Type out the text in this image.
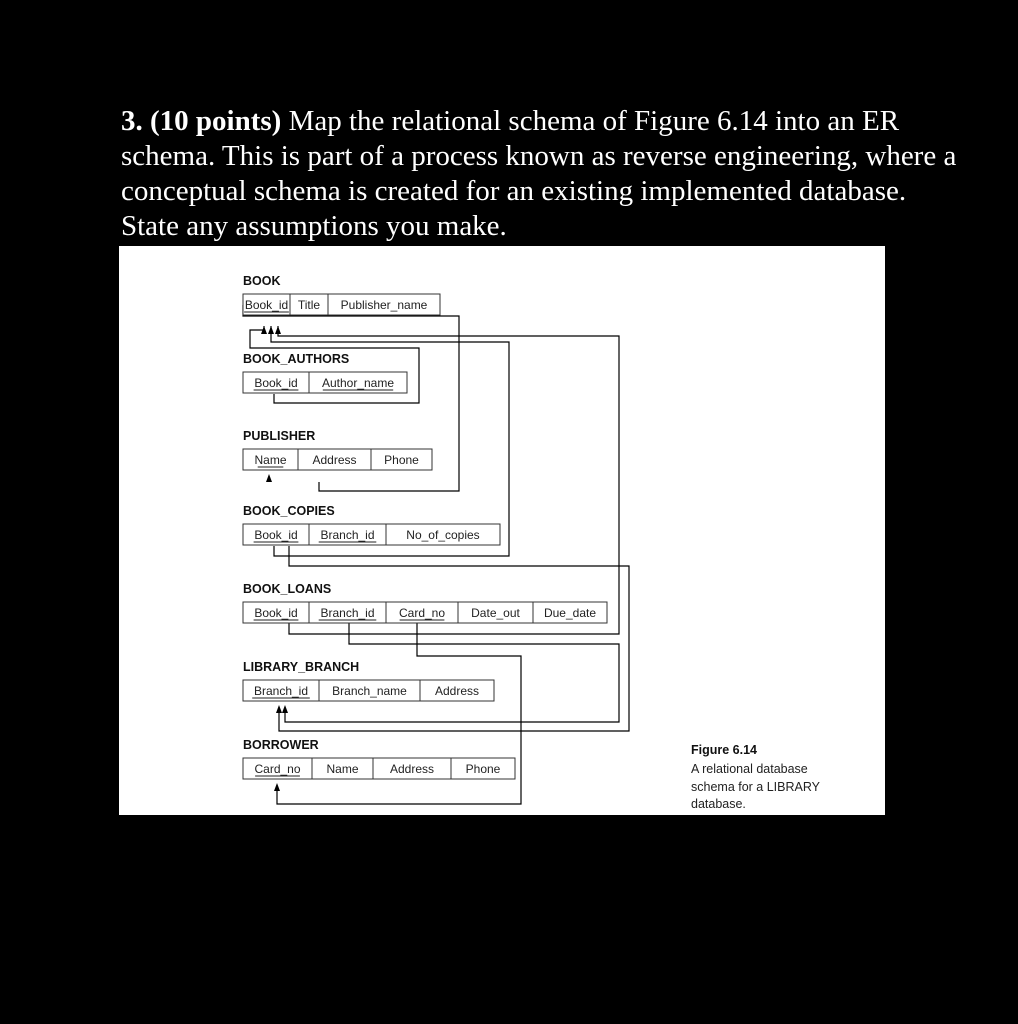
3. (10 points) Map the relational schema of Figure 6.14 into an ER schema. This is part of a process known as reverse engineering, where a conceptual schema is created for an existing implemented database. State any assumptions you make.
BOOK
Book_id Title Publisher_name
BOOK_AUTHORS
Book_id Author_name
PUBLISHER
Name Address Phone
BOOK_COPIES
Book_id Branch_id	No_of_copies
BOOK_LOANS
Book_id Branch_id Card_no Date_out Due_date
LIBRARY_BRANCH
Branch_id Branch_name Address
BORROWER
Card_no Name	Address	Phone
Figure 6.14
A relational database schema for a LIBRARY database.
